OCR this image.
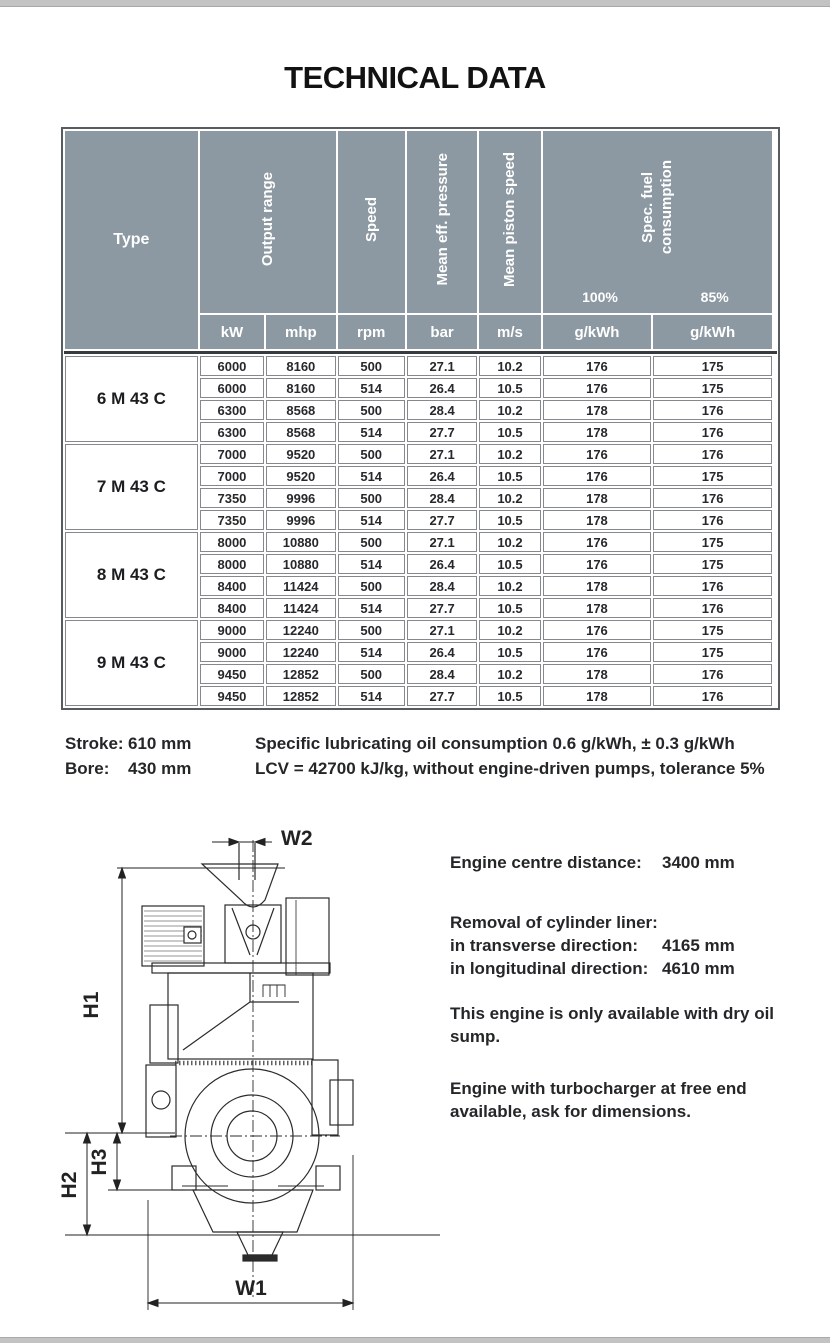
TECHNICAL DATA
Type	Output range		Speed	Mean eff. pressure	Mean piston speed	Spec. fuel consumption
100% 85%	

	kW	mhp	rpm	bar	m/s	g/kWh	g/kWh
6 M 43 C	6000	8160	500	27.1	10.2	176	175
	6000	8160	514	26.4	10.5	176	175
	6300	8568	500	28.4	10.2	178	176
	6300	8568	514	27.7	10.5	178	176
7 M 43 C	7000	9520	500	27.1	10.2	176	176
	7000	9520	514	26.4	10.5	176	175
	7350	9996	500	28.4	10.2	178	176
	7350	9996	514	27.7	10.5	178	176
8 M 43 C	8000	10880	500	27.1	10.2	176	175
	8000	10880	514	26.4	10.5	176	175
	8400	11424	500	28.4	10.2	178	176
	8400	11424	514	27.7	10.5	178	176
9 M 43 C	9000	12240	500	27.1	10.2	176	175
	9000	12240	514	26.4	10.5	176	175
	9450	12852	500	28.4	10.2	178	176
	9450	12852	514	27.7	10.5	178	176
Stroke: 610 mm
Bore: 430 mm
Specific lubricating oil consumption 0.6 g/kWh, ± 0.3 g/kWh
LCV = 42700 kJ/kg, without engine-driven pumps, tolerance 5%
W2
H1
H2
H3
W1
Engine centre distance:	3400 mm
Removal of cylinder liner:
in transverse direction:	4165 mm
in longitudinal direction: 4610 mm
This engine is only available with dry oil sump.
Engine with turbocharger at free end available, ask for dimensions.
